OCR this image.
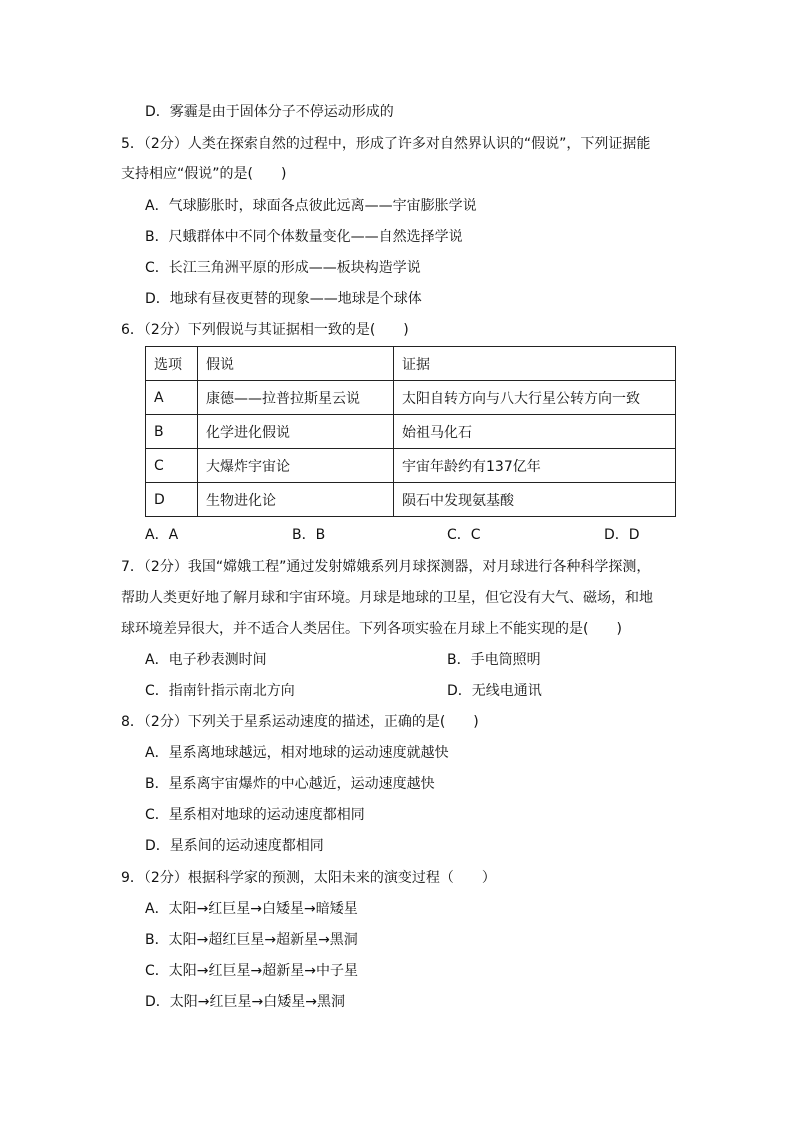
D．雾霾是由于固体分子不停运动形成的
5．（2分）人类在探索自然的过程中，形成了许多对自然界认识的“假说”，下列证据能
支持相应“假说”的是(　　)
A．气球膨胀时，球面各点彼此远离——宇宙膨胀学说
B．尺蛾群体中不同个体数量变化——自然选择学说
C．长江三角洲平原的形成——板块构造学说
D．地球有昼夜更替的现象——地球是个球体
6．（2分）下列假说与其证据相一致的是(　　)
选项	假说	证据
A	康德——拉普拉斯星云说	太阳自转方向与八大行星公转方向一致
B	化学进化假说	始祖马化石
C	大爆炸宇宙论	宇宙年龄约有137亿年
D	生物进化论	陨石中发现氨基酸
A．A	B．B	C．C	D．D
7．（2分）我国“嫦娥工程”通过发射嫦娥系列月球探测器，对月球进行各种科学探测，
帮助人类更好地了解月球和宇宙环境。月球是地球的卫星，但它没有大气、磁场，和地
球环境差异很大，并不适合人类居住。下列各项实验在月球上不能实现的是(　　)
A．电子秒表测时间	B．手电筒照明
C．指南针指示南北方向	D．无线电通讯
8．（2分）下列关于星系运动速度的描述，正确的是(　　)
A．星系离地球越远，相对地球的运动速度就越快
B．星系离宇宙爆炸的中心越近，运动速度越快
C．星系相对地球的运动速度都相同
D．星系间的运动速度都相同
9．（2分）根据科学家的预测，太阳未来的演变过程（　　）
A．太阳→红巨星→白矮星→暗矮星
B．太阳→超红巨星→超新星→黑洞
C．太阳→红巨星→超新星→中子星
D．太阳→红巨星→白矮星→黑洞
